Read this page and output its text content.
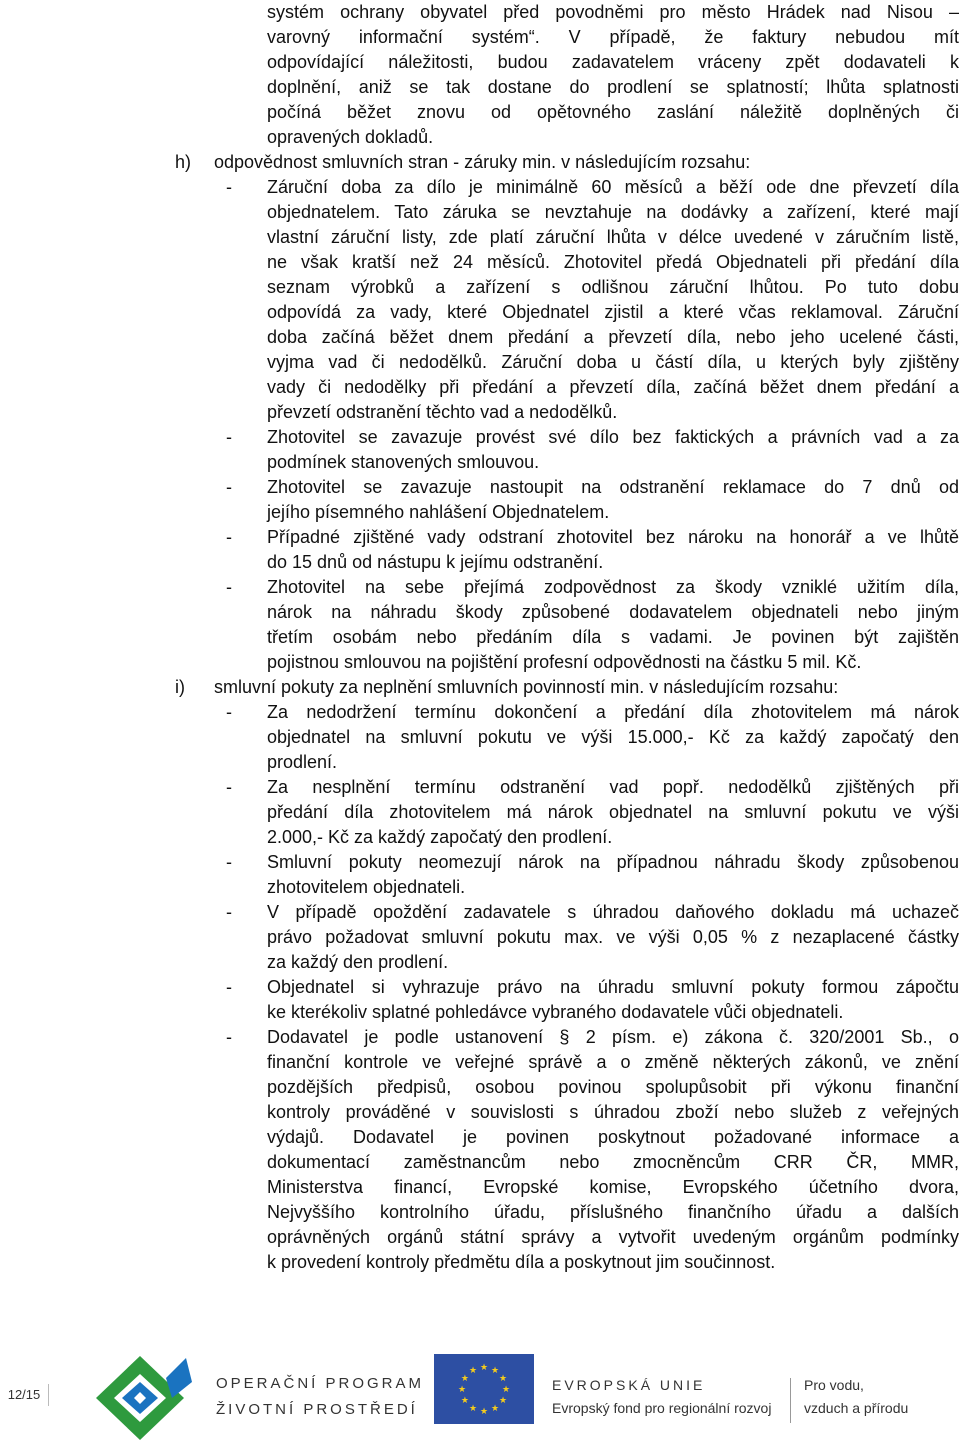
systém ochrany obyvatel před povodněmi pro město Hrádek nad Nisou –
varovný informační systém“. V případě, že faktury nebudou mít
odpovídající náležitosti, budou zadavatelem vráceny zpět dodavateli k
doplnění, aniž se tak dostane do prodlení se splatností; lhůta splatnosti
počíná běžet znovu od opětovného zaslání náležitě doplněných či
opravených dokladů.
h) odpovědnost smluvních stran - záruky min. v následujícím rozsahu:
- Záruční doba za dílo je minimálně 60 měsíců a běží ode dne převzetí díla
objednatelem. Tato záruka se nevztahuje na dodávky a zařízení, které mají
vlastní záruční listy, zde platí záruční lhůta v délce uvedené v záručním listě,
ne však kratší než 24 měsíců. Zhotovitel předá Objednateli při předání díla
seznam výrobků a zařízení s odlišnou záruční lhůtou. Po tuto dobu
odpovídá za vady, které Objednatel zjistil a které včas reklamoval. Záruční
doba začíná běžet dnem předání a převzetí díla, nebo jeho ucelené části,
vyjma vad či nedodělků. Záruční doba u částí díla, u kterých byly zjištěny
vady či nedodělky při předání a převzetí díla, začíná běžet dnem předání a
převzetí odstranění těchto vad a nedodělků.
- Zhotovitel se zavazuje provést své dílo bez faktických a právních vad a za
podmínek stanovených smlouvou.
- Zhotovitel se zavazuje nastoupit na odstranění reklamace do 7 dnů od
jejího písemného nahlášení Objednatelem.
- Případné zjištěné vady odstraní zhotovitel bez nároku na honorář a ve lhůtě
do 15 dnů od nástupu k jejímu odstranění.
- Zhotovitel na sebe přejímá zodpovědnost za škody vzniklé užitím díla,
nárok na náhradu škody způsobené dodavatelem objednateli nebo jiným
třetím osobám nebo předáním díla s vadami. Je povinen být zajištěn
pojistnou smlouvou na pojištění profesní odpovědnosti na částku 5 mil. Kč.
i) smluvní pokuty za neplnění smluvních povinností min. v následujícím rozsahu:
- Za nedodržení termínu dokončení a předání díla zhotovitelem má nárok
objednatel na smluvní pokutu ve výši 15.000,- Kč za každý započatý den
prodlení.
- Za nesplnění termínu odstranění vad popř. nedodělků zjištěných při
předání díla zhotovitelem má nárok objednatel na smluvní pokutu ve výši
2.000,- Kč za každý započatý den prodlení.
- Smluvní pokuty neomezují nárok na případnou náhradu škody způsobenou
zhotovitelem objednateli.
- V případě opoždění zadavatele s úhradou daňového dokladu má uchazeč
právo požadovat smluvní pokutu max. ve výši 0,05 % z nezaplacené částky
za každý den prodlení.
- Objednatel si vyhrazuje právo na úhradu smluvní pokuty formou zápočtu
ke kterékoliv splatné pohledávce vybraného dodavatele vůči objednateli.
- Dodavatel je podle ustanovení § 2 písm. e) zákona č. 320/2001 Sb., o
finanční kontrole ve veřejné správě a o změně některých zákonů, ve znění
pozdějších předpisů, osobou povinou spolupůsobit při výkonu finanční
kontroly prováděné v souvislosti s úhradou zboží nebo služeb z veřejných
výdajů. Dodavatel je povinen poskytnout požadované informace a
dokumentací zaměstnancům nebo zmocněncům CRR ČR, MMR,
Ministerstva financí, Evropské komise, Evropského účetního dvora,
Nejvyššího kontrolního úřadu, příslušného finančního úřadu a dalších
oprávněných orgánů státní správy a vytvořit uvedeným orgánům podmínky
k provedení kontroly předmětu díla a poskytnout jim součinnost.
12/15
OPERAČNÍ PROGRAM
ŽIVOTNÍ PROSTŘEDÍ
★
★
★
★
★
★
★
★
★ ★ ★
★	EVROPSKÁ UNIE
Evropský fond pro regionální rozvoj
Pro vodu,
vzduch a přírodu
